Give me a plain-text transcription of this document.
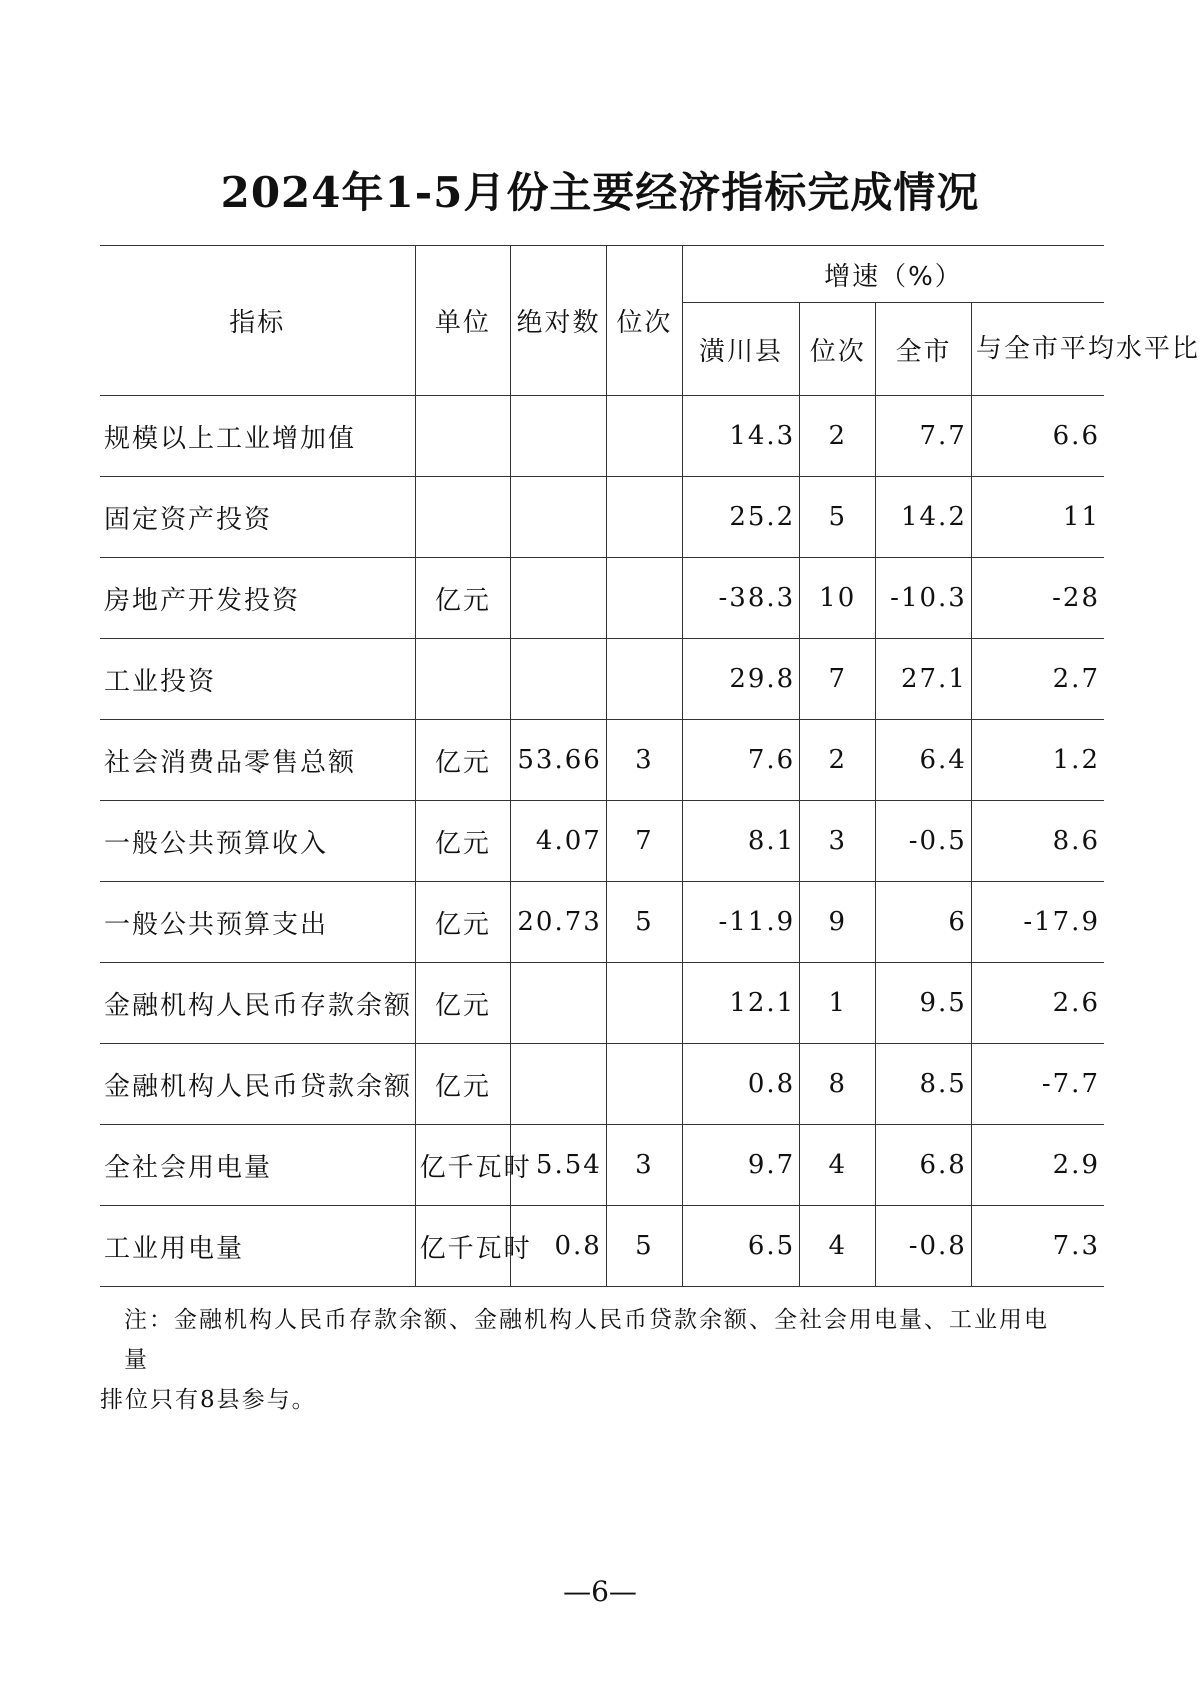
2024年1-5月份主要经济指标完成情况
指标	单位	绝对数	位次	增速（%）			
				潢川县	位次	全市	与全市平均水平比
规模以上工业增加值				14.3	2	7.7	6.6
固定资产投资				25.2	5	14.2	11
房地产开发投资	亿元			-38.3	10	-10.3	-28
工业投资				29.8	7	27.1	2.7
社会消费品零售总额	亿元	53.66	3	7.6	2	6.4	1.2
一般公共预算收入	亿元	4.07	7	8.1	3	-0.5	8.6
一般公共预算支出	亿元	20.73	5	-11.9	9	6	-17.9
金融机构人民币存款余额	亿元			12.1	1	9.5	2.6
金融机构人民币贷款余额	亿元			0.8	8	8.5	-7.7
全社会用电量	亿千瓦时	5.54	3	9.7	4	6.8	2.9
工业用电量	亿千瓦时	0.8	5	6.5	4	-0.8	7.3
注：金融机构人民币存款余额、金融机构人民币贷款余额、全社会用电量、工业用电量
排位只有8县参与。
—6—
